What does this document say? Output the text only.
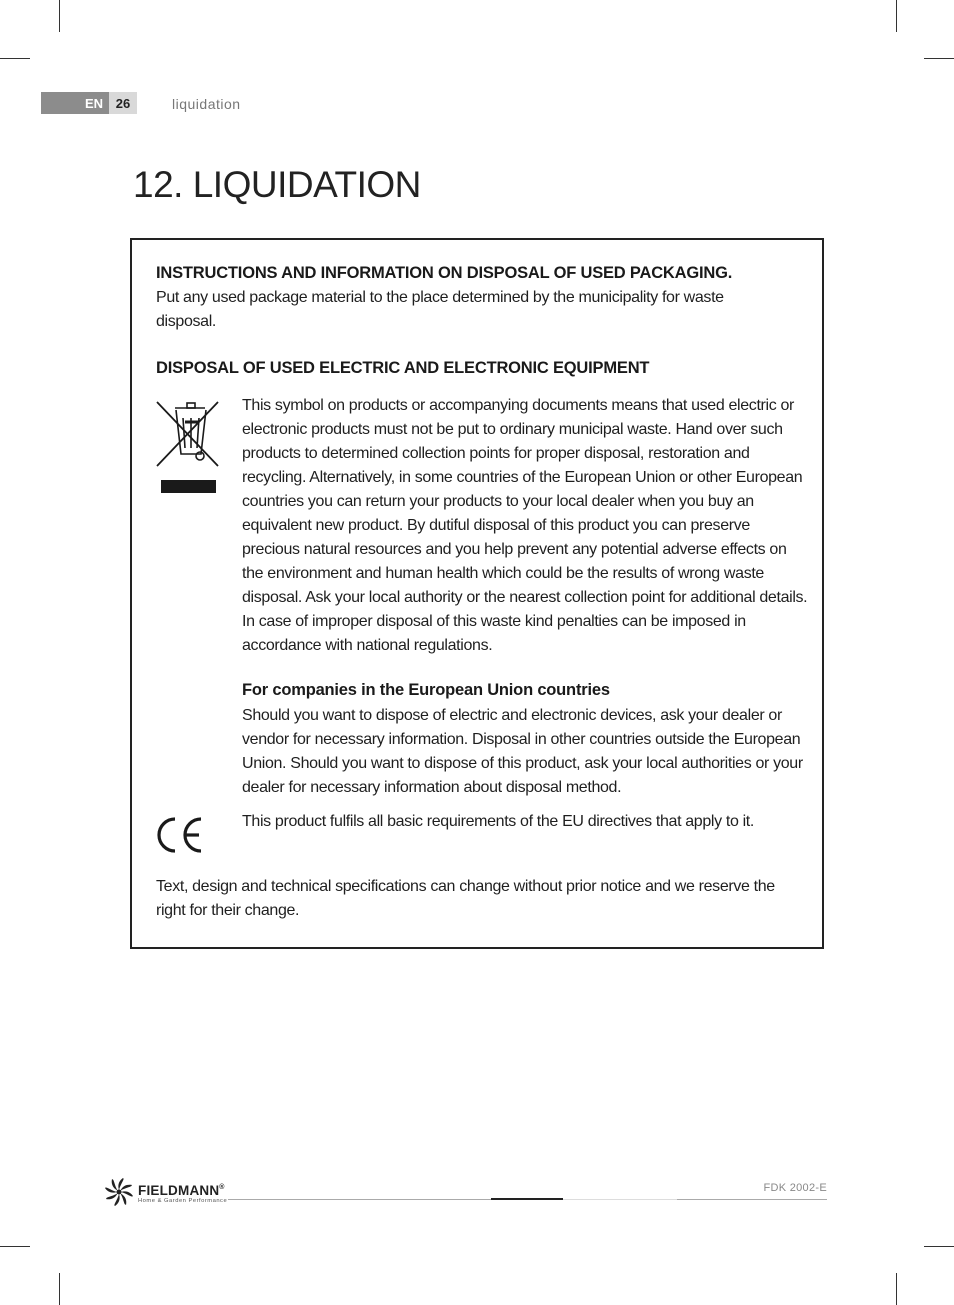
EN 26	liquidation
12. LIQUIDATION
INSTRUCTIONS AND INFORMATION ON DISPOSAL OF USED PACKAGING.

Put any used package material to the place determined by the municipality for waste disposal.

DISPOSAL OF USED ELECTRIC AND ELECTRONIC EQUIPMENT

This symbol on products or accompanying documents means that used electric or electronic products must not be put to ordinary municipal waste. Hand over such products to determined collection points for proper disposal, restoration and recycling. Alternatively, in some countries of the European Union or other European countries you can return your products to your local dealer when you buy an equivalent new product. By dutiful disposal of this product you can preserve precious natural resources and you help prevent any potential adverse effects on the environment and human health which could be the results of wrong waste disposal. Ask your local authority or the nearest collection point for additional details. In case of improper disposal of this waste kind penalties can be imposed in accordance with national regulations.

For companies in the European Union countries

Should you want to dispose of electric and electronic devices, ask your dealer or vendor for necessary information. Disposal in other countries outside the European Union. Should you want to dispose of this product, ask your local authorities or your dealer for necessary information about disposal method.

This product fulfils all basic requirements of the EU directives that apply to it.

Text, design and technical specifications can change without prior notice and we reserve the right for their change.

FIELDMANN®
Home & Garden Performance
FDK 2002-E
